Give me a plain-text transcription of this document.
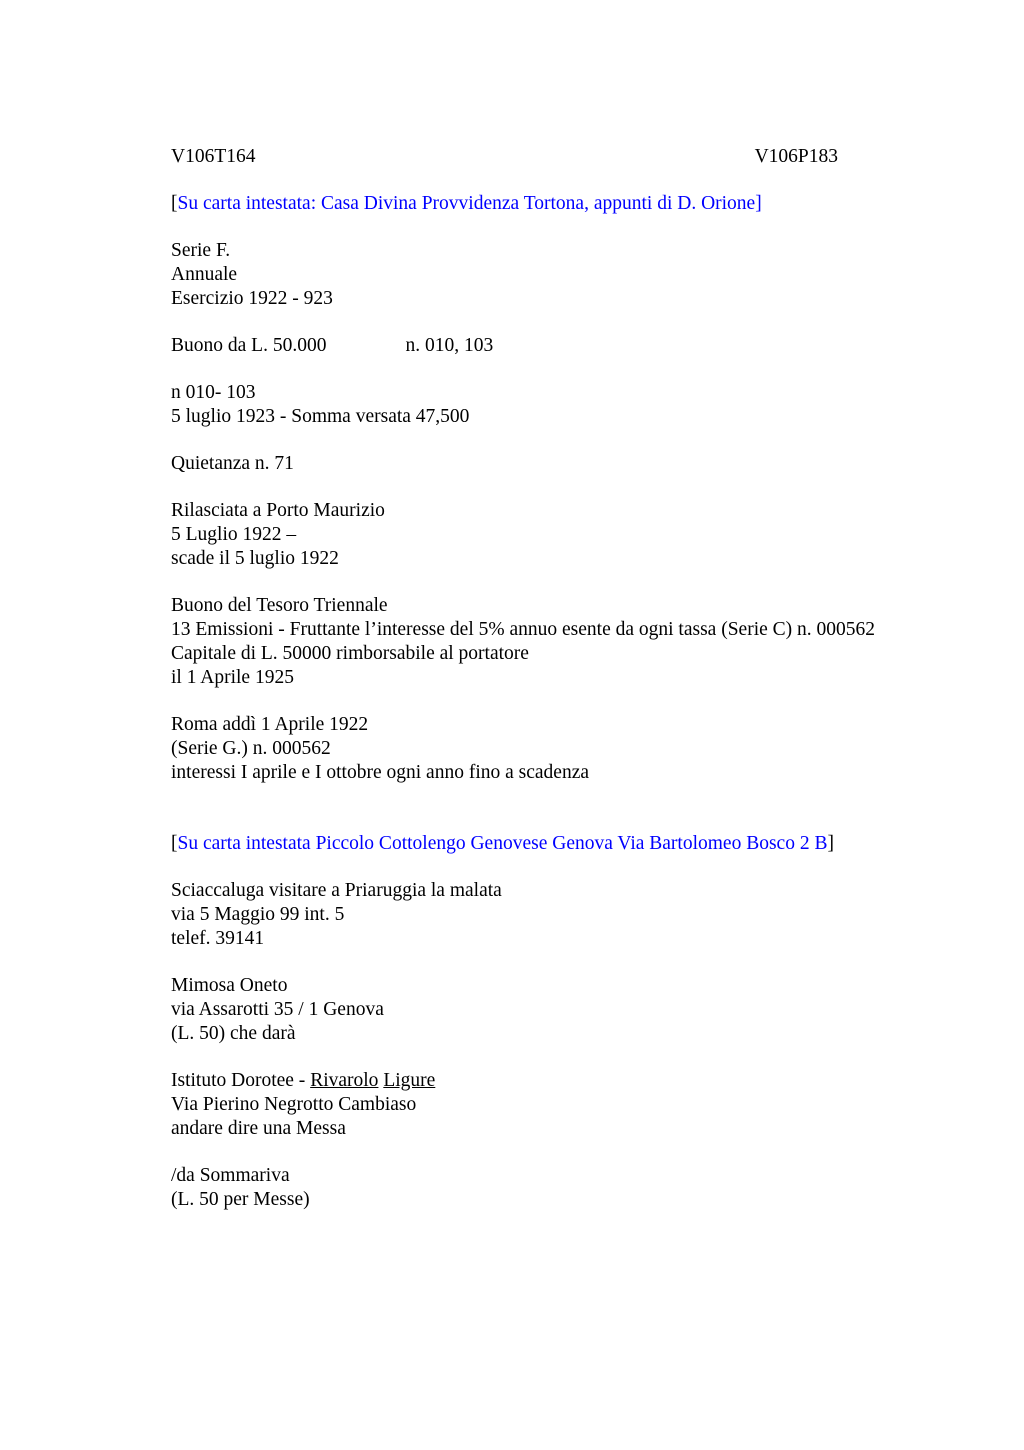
V106T164	V106P183
[Su carta intestata: Casa Divina Provvidenza Tortona, appunti di D. Orione]
Serie F.
Annuale
Esercizio 1922 - 923
Buono da L. 50.000	n. 010, 103
n 010- 103
5 luglio 1923 - Somma versata 47,500
Quietanza n. 71
Rilasciata a Porto Maurizio
5 Luglio 1922 –
scade il 5 luglio 1922
Buono del Tesoro Triennale
13 Emissioni - Fruttante l’interesse del 5% annuo esente da ogni tassa (Serie C) n. 000562
Capitale di L. 50000 rimborsabile al portatore
il 1 Aprile 1925
Roma addì 1 Aprile 1922
(Serie G.) n. 000562
interessi I aprile e I ottobre ogni anno fino a scadenza
[Su carta intestata Piccolo Cottolengo Genovese Genova Via Bartolomeo Bosco 2 B]
Sciaccaluga visitare a Priaruggia la malata
via 5 Maggio 99 int. 5
telef. 39141
Mimosa Oneto
via Assarotti 35 / 1 Genova
(L. 50) che darà
Istituto Dorotee - Rivarolo Ligure
Via Pierino Negrotto Cambiaso
andare dire una Messa
/da Sommariva
(L. 50 per Messe)
